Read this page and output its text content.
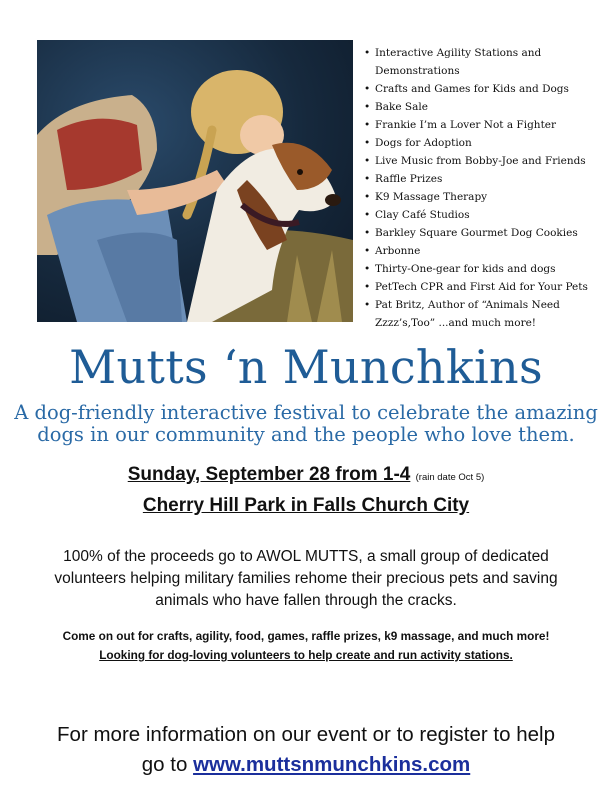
• Interactive Agility Stations and
Demonstrations
• Crafts and Games for Kids and Dogs
• Bake Sale
• Frankie I’m a Lover Not a Fighter
• Dogs for Adoption
• Live Music from Bobby-Joe and Friends
• Raffle Prizes
• K9 Massage Therapy
• Clay Café Studios
• Barkley Square Gourmet Dog Cookies
• Arbonne
• Thirty-One-gear for kids and dogs
• PetTech CPR and First Aid for Your Pets
• Pat Britz, Author of “Animals Need
Zzzz’s,Too” ...and much more!
Mutts ‘n Munchkins
A dog-friendly interactive festival to celebrate the amazing
dogs in our community and the people who love them.
Sunday, September 28 from 1-4 (rain date Oct 5)
Cherry Hill Park in Falls Church City
100% of the proceeds go to AWOL MUTTS, a small group of dedicated
volunteers helping military families rehome their precious pets and saving
animals who have fallen through the cracks.
Come on out for crafts, agility, food, games, raffle prizes, k9 massage, and much more!
Looking for dog-loving volunteers to help create and run activity stations.
For more information on our event or to register to help
go to www.muttsnmunchkins.com
